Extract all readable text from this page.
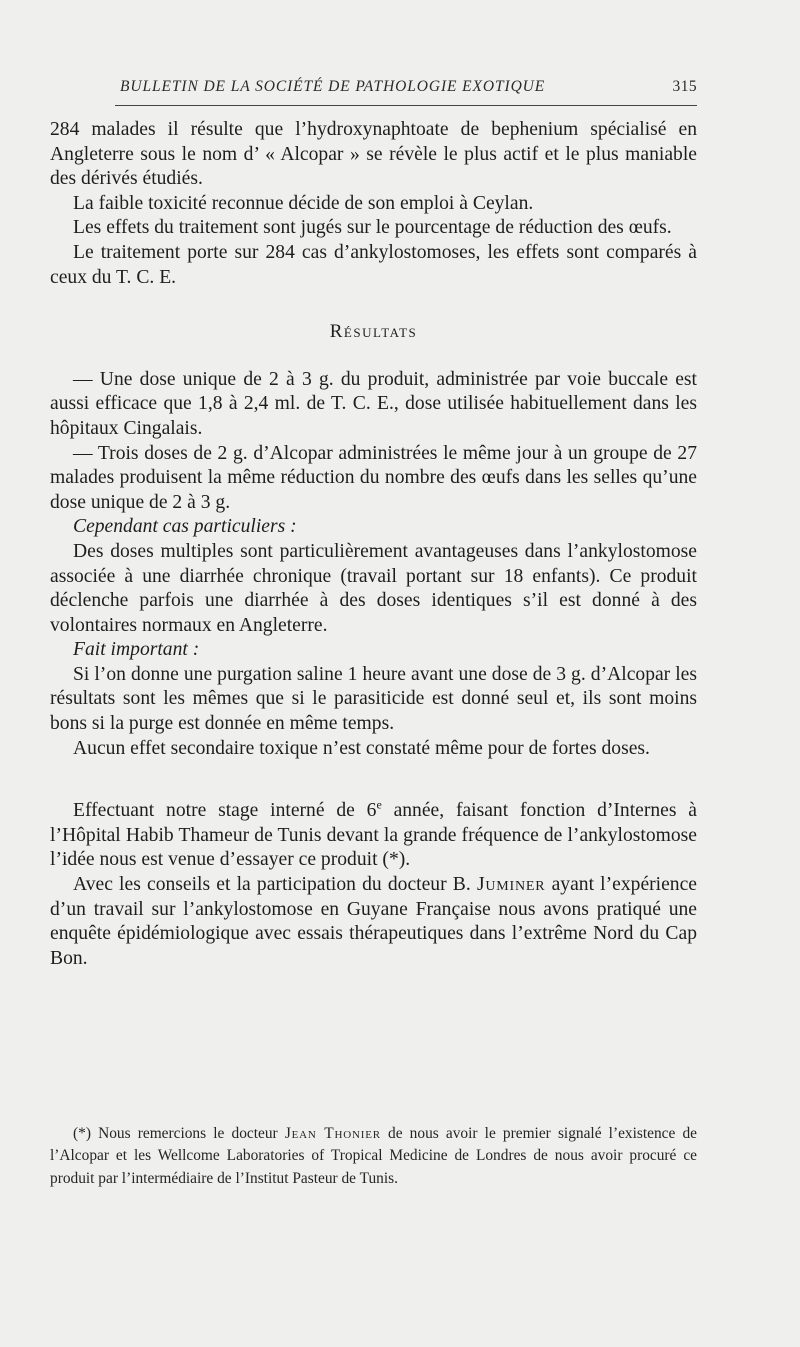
BULLETIN DE LA SOCIÉTÉ DE PATHOLOGIE EXOTIQUE	315

284 malades il résulte que l’hydroxynaphtoate de bephenium spécialisé en Angleterre sous le nom d’ « Alcopar » se révèle le plus actif et le plus maniable des dérivés étudiés.

La faible toxicité reconnue décide de son emploi à Ceylan.

Les effets du traitement sont jugés sur le pourcentage de réduction des œufs.

Le traitement porte sur 284 cas d’ankylostomoses, les effets sont comparés à ceux du T. C. E.

Résultats

— Une dose unique de 2 à 3 g. du produit, administrée par voie buccale est aussi efficace que 1,8 à 2,4 ml. de T. C. E., dose utilisée habituellement dans les hôpitaux Cingalais.

— Trois doses de 2 g. d’Alcopar administrées le même jour à un groupe de 27 malades produisent la même réduction du nombre des œufs dans les selles qu’une dose unique de 2 à 3 g.

Cependant cas particuliers :

Des doses multiples sont particulièrement avantageuses dans l’ankylostomose associée à une diarrhée chronique (travail portant sur 18 enfants). Ce produit déclenche parfois une diarrhée à des doses identiques s’il est donné à des volontaires normaux en Angleterre.

Fait important :

Si l’on donne une purgation saline 1 heure avant une dose de 3 g. d’Alcopar les résultats sont les mêmes que si le parasiticide est donné seul et, ils sont moins bons si la purge est donnée en même temps.

Aucun effet secondaire toxique n’est constaté même pour de fortes doses.

Effectuant notre stage interné de 6e année, faisant fonction d’Internes à l’Hôpital Habib Thameur de Tunis devant la grande fréquence de l’ankylostomose l’idée nous est venue d’essayer ce produit (*).

Avec les conseils et la participation du docteur B. Juminer ayant l’expérience d’un travail sur l’ankylostomose en Guyane Française nous avons pratiqué une enquête épidémiologique avec essais thérapeutiques dans l’extrême Nord du Cap Bon.

(*) Nous remercions le docteur Jean Thonier de nous avoir le premier signalé l’existence de l’Alcopar et les Wellcome Laboratories of Tropical Medicine de Londres de nous avoir procuré ce produit par l’intermédiaire de l’Institut Pasteur de Tunis.
